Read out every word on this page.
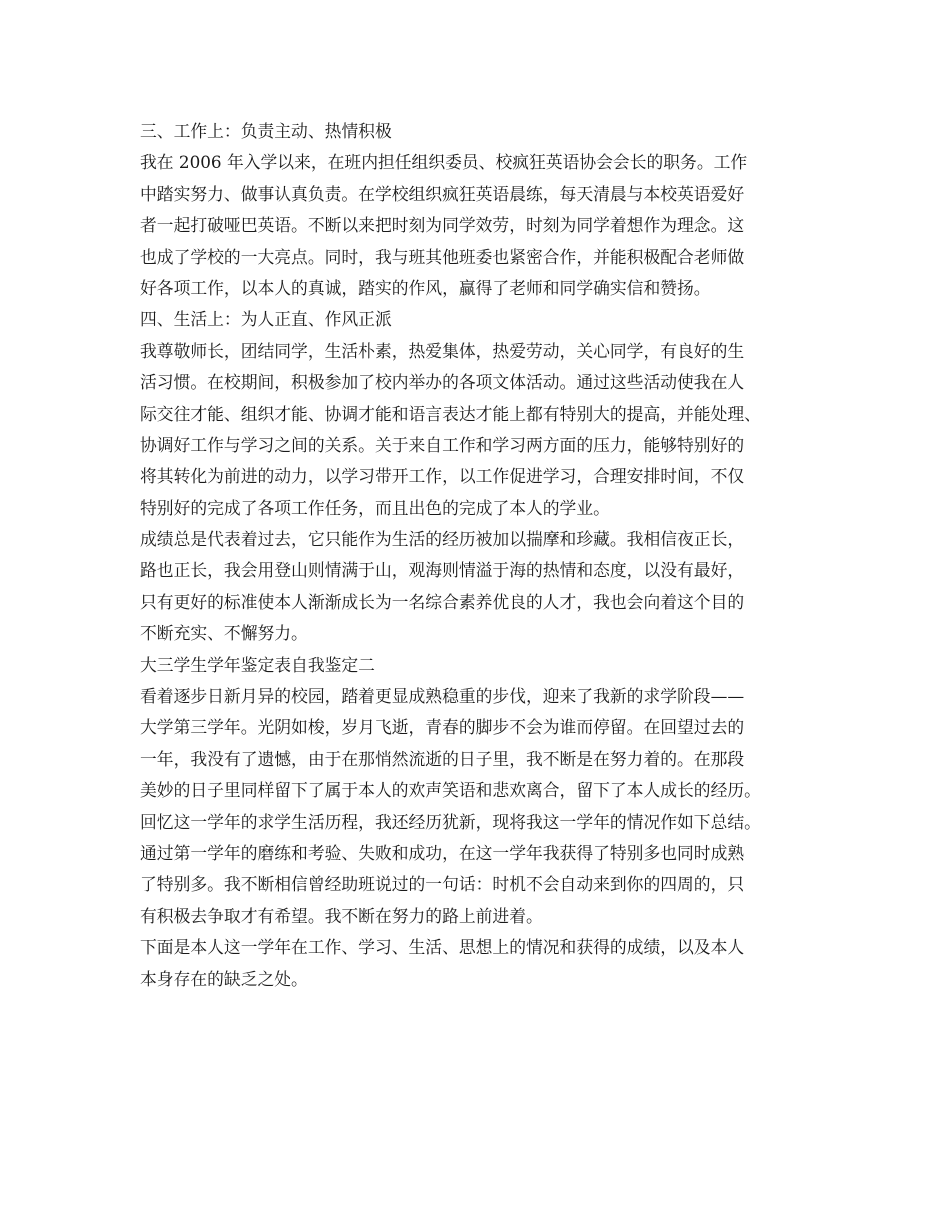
三、工作上：负责主动、热情积极
我在 2006 年入学以来，在班内担任组织委员、校疯狂英语协会会长的职务。工作
中踏实努力、做事认真负责。在学校组织疯狂英语晨练，每天清晨与本校英语爱好
者一起打破哑巴英语。不断以来把时刻为同学效劳，时刻为同学着想作为理念。这
也成了学校的一大亮点。同时，我与班其他班委也紧密合作，并能积极配合老师做
好各项工作，以本人的真诚，踏实的作风，赢得了老师和同学确实信和赞扬。
四、生活上：为人正直、作风正派
我尊敬师长，团结同学，生活朴素，热爱集体，热爱劳动，关心同学，有良好的生
活习惯。在校期间，积极参加了校内举办的各项文体活动。通过这些活动使我在人
际交往才能、组织才能、协调才能和语言表达才能上都有特别大的提高，并能处理、
协调好工作与学习之间的关系。关于来自工作和学习两方面的压力，能够特别好的
将其转化为前进的动力，以学习带开工作，以工作促进学习，合理安排时间，不仅
特别好的完成了各项工作任务，而且出色的完成了本人的学业。
成绩总是代表着过去，它只能作为生活的经历被加以揣摩和珍藏。我相信夜正长，
路也正长，我会用登山则情满于山，观海则情溢于海的热情和态度，以没有最好，
只有更好的标准使本人渐渐成长为一名综合素养优良的人才，我也会向着这个目的
不断充实、不懈努力。
大三学生学年鉴定表自我鉴定二
看着逐步日新月异的校园，踏着更显成熟稳重的步伐，迎来了我新的求学阶段——
大学第三学年。光阴如梭，岁月飞逝，青春的脚步不会为谁而停留。在回望过去的
一年，我没有了遗憾，由于在那悄然流逝的日子里，我不断是在努力着的。在那段
美妙的日子里同样留下了属于本人的欢声笑语和悲欢离合，留下了本人成长的经历。
回忆这一学年的求学生活历程，我还经历犹新，现将我这一学年的情况作如下总结。
通过第一学年的磨练和考验、失败和成功，在这一学年我获得了特别多也同时成熟
了特别多。我不断相信曾经助班说过的一句话：时机不会自动来到你的四周的，只
有积极去争取才有希望。我不断在努力的路上前进着。
下面是本人这一学年在工作、学习、生活、思想上的情况和获得的成绩，以及本人
本身存在的缺乏之处。
